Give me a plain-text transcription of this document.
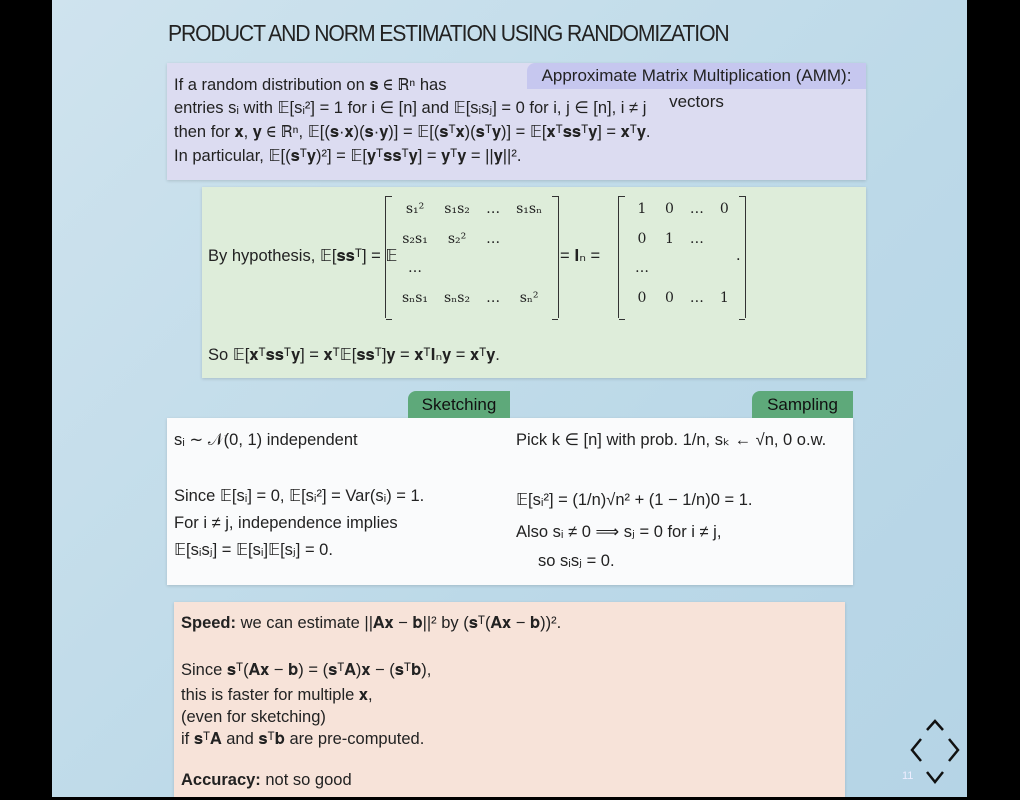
PRODUCT AND NORM ESTIMATION USING RANDOMIZATION
Approximate Matrix Multiplication (AMM): vectors
If a random distribution on 𝐬 ∈ ℝⁿ has
entries sᵢ with 𝔼[sᵢ²] = 1 for i ∈ [n] and 𝔼[sᵢsⱼ] = 0 for i, j ∈ [n], i ≠ j
then for 𝐱, 𝐲 ∈ ℝⁿ, 𝔼[(𝐬·𝐱)(𝐬·𝐲)] = 𝔼[(𝐬ᵀ𝐱)(𝐬ᵀ𝐲)] = 𝔼[𝐱ᵀ𝐬𝐬ᵀ𝐲] = 𝐱ᵀ𝐲.
In particular, 𝔼[(𝐬ᵀ𝐲)²] = 𝔼[𝐲ᵀ𝐬𝐬ᵀ𝐲] = 𝐲ᵀ𝐲 = ||𝐲||².
By hypothesis, 𝔼[𝐬𝐬ᵀ] = 𝔼
s₁²	s₁s₂	…	s₁sₙ
s₂s₁	s₂²	…
…
sₙs₁	sₙs₂	…	sₙ²
= 𝐈ₙ =
1	0	…	0
0	1	…
…
0	0	…	1
.
So 𝔼[𝐱ᵀ𝐬𝐬ᵀ𝐲] = 𝐱ᵀ𝔼[𝐬𝐬ᵀ]𝐲 = 𝐱ᵀ𝐈ₙ𝐲 = 𝐱ᵀ𝐲.
Sketching	Sampling
sᵢ ∼ 𝒩(0, 1) independent
Since 𝔼[sᵢ] = 0, 𝔼[sᵢ²] = Var(sᵢ) = 1.
For i ≠ j, independence implies
𝔼[sᵢsⱼ] = 𝔼[sᵢ]𝔼[sⱼ] = 0.
Pick k ∈ [n] with prob. 1/n, sₖ ← √n, 0 o.w.
𝔼[sᵢ²] = (1/n)√n² + (1 − 1/n)0 = 1.
Also sᵢ ≠ 0 ⟹ sⱼ = 0 for i ≠ j,
so sᵢsⱼ = 0.
Speed: we can estimate ||𝐀𝐱 − 𝐛||² by (𝐬ᵀ(𝐀𝐱 − 𝐛))².
Since 𝐬ᵀ(𝐀𝐱 − 𝐛) = (𝐬ᵀ𝐀)𝐱 − (𝐬ᵀ𝐛),
this is faster for multiple 𝐱,
(even for sketching)
if 𝐬ᵀ𝐀 and 𝐬ᵀ𝐛 are pre-computed.
Accuracy: not so good	11
